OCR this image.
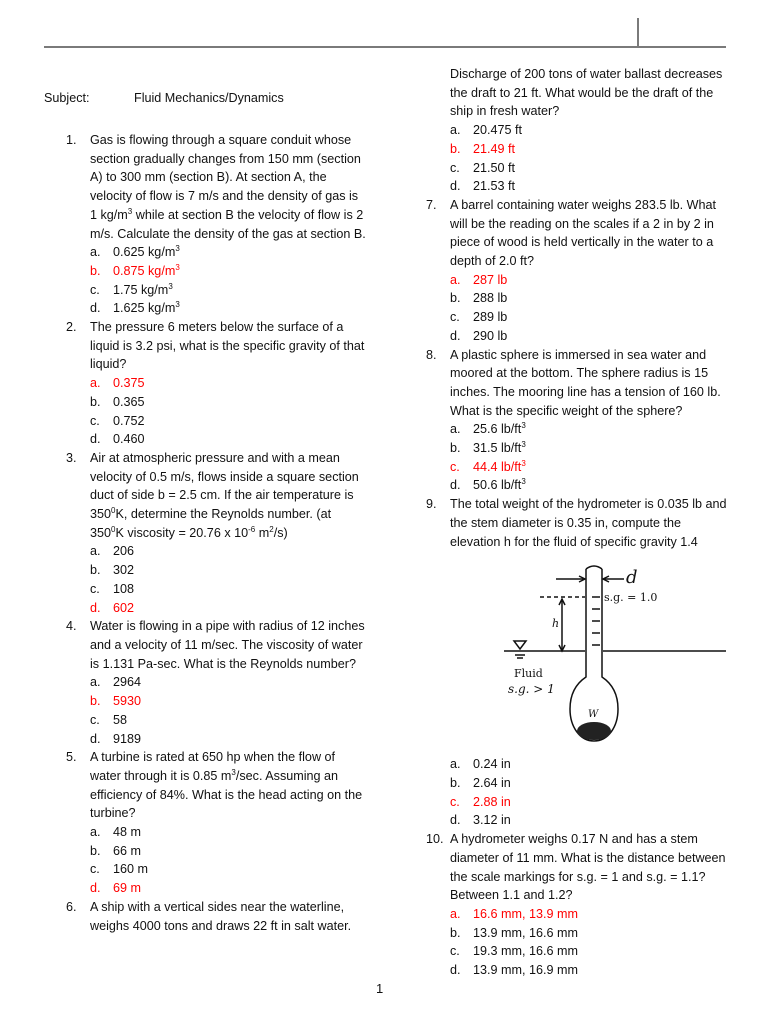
Subject:	Fluid Mechanics/Dynamics

1. Gas is flowing through a square conduit whose section gradually changes from 150 mm (section A) to 300 mm (section B). At section A, the velocity of flow is 7 m/s and the density of gas is 1 $kg/m^3$ while at section B the velocity of flow is 2 m/s. Calculate the density of the gas at section B.

a. 0.625 $kg/m^3$
b. 0.875 $kg/m^3$
c. 1.75 $kg/m^3$
d. 1.625 $kg/m^3$

2. The pressure 6 meters below the surface of a liquid is 3.2 psi, what is the specific gravity of that liquid?

a. 0.375
b. 0.365
c. 0.752
d. 0.460

3. Air at atmospheric pressure and with a mean velocity of 0.5 m/s, flows inside a square section duct of side b = 2.5 cm. If the air temperature is $350^0K$, determine the Reynolds number. (at $350^0K$ viscosity = 20.76 x $10^{-6}$ $m^2/s$)

a. 206
b. 302
c. 108
d. 602

4. Water is flowing in a pipe with radius of 12 inches and a velocity of 11 m/sec. The viscosity of water is 1.131 Pa-sec. What is the Reynolds number?

a. 2964
b. 5930
c. 58
d. 9189

5. A turbine is rated at 650 hp when the flow of water through it is 0.85 $m^3/\sec$. Assuming an efficiency of 84%. What is the head acting on the turbine?

a. 48 m
b. 66 m
c. 160 m
d. 69 m

6. A ship with a vertical sides near the waterline, weighs 4000 tons and draws 22 ft in salt water.

Discharge of 200 tons of water ballast decreases the draft to 21 ft. What would be the draft of the ship in fresh water?

a. 20.475 ft
b. 21.49 ft
c. 21.50 ft
d. 21.53 ft

7. A barrel containing water weighs 283.5 lb. What will be the reading on the scales if a 2 in by 2 in piece of wood is held vertically in the water to a depth of 2.0 ft?

a. 287 lb
b. 288 lb
c. 289 lb
d. 290 lb

8. A plastic sphere is immersed in sea water and moored at the bottom. The sphere radius is 15 inches. The mooring line has a tension of 160 lb. What is the specific weight of the sphere?

a. 25.6 $lb/ft^3$
b. 31.5 $lb/ft^3$
c. 44.4 $lb/ft^3$
d. 50.6 $lb/ft^3$

9. The total weight of the hydrometer is 0.035 lb and the stem diameter is 0.35 in, compute the elevation h for the fluid of specific gravity 1.4

d
s.g. = 1.0
h
Fluid
s.g. > 1
W
a. 0.24 in
b. 2.64 in
c. 2.88 in
d. 3.12 in

10. A hydrometer weighs 0.17 N and has a stem diameter of 11 mm. What is the distance between the scale markings for s.g. = 1 and s.g. = 1.1? Between 1.1 and 1.2?

a. 16.6 mm, 13.9 mm
b. 13.9 mm, 16.6 mm
c. 19.3 mm, 16.6 mm
d. 13.9 mm, 16.9 mm
1
